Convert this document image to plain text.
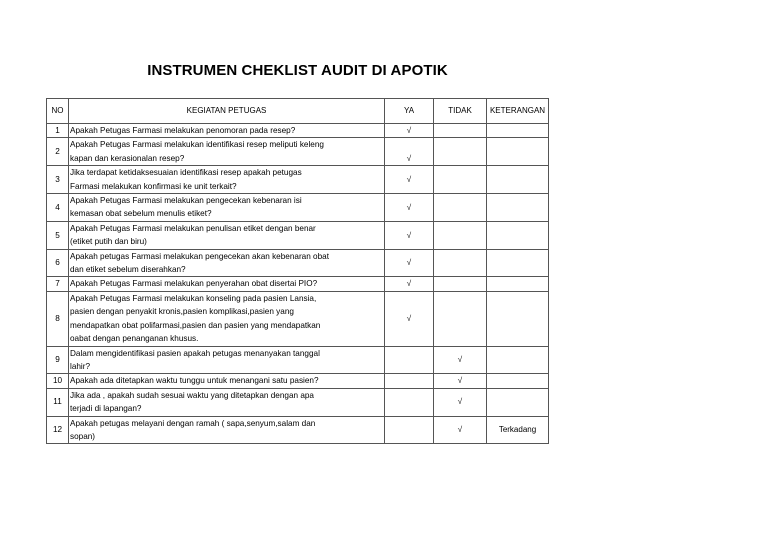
INSTRUMEN CHEKLIST AUDIT DI APOTIK
NO	KEGIATAN PETUGAS	YA	TIDAK	KETERANGAN
1	Apakah Petugas Farmasi melakukan penomoran pada resep?	√		
2	Apakah Petugas Farmasi melakukan identifikasi resep meliputi keleng
kapan dan kerasionalan resep?	√		
3	Jika terdapat ketidaksesuaian identifikasi resep apakah petugas
Farmasi melakukan konfirmasi ke unit terkait?	√		
4	Apakah Petugas Farmasi melakukan pengecekan kebenaran isi
kemasan obat sebelum menulis etiket?	√		
5	Apakah Petugas Farmasi melakukan penulisan etiket dengan benar
(etiket putih dan biru)	√		
6	Apakah petugas Farmasi melakukan pengecekan akan kebenaran obat
dan etiket sebelum diserahkan?	√		
7	Apakah Petugas Farmasi melakukan penyerahan obat disertai PIO?	√		
8	Apakah Petugas Farmasi melakukan konseling pada pasien Lansia,
pasien dengan penyakit kronis,pasien komplikasi,pasien yang
mendapatkan obat polifarmasi,pasien dan pasien yang mendapatkan
oabat dengan penanganan khusus.	√		
9	Dalam mengidentifikasi pasien apakah petugas menanyakan tanggal
lahir?		√	
10	Apakah ada ditetapkan waktu tunggu untuk menangani satu pasien?		√	
11	Jika ada , apakah sudah sesuai waktu yang ditetapkan dengan apa
terjadi di lapangan?		√	
12	Apakah petugas melayani dengan ramah ( sapa,senyum,salam dan
sopan)		√	Terkadang
